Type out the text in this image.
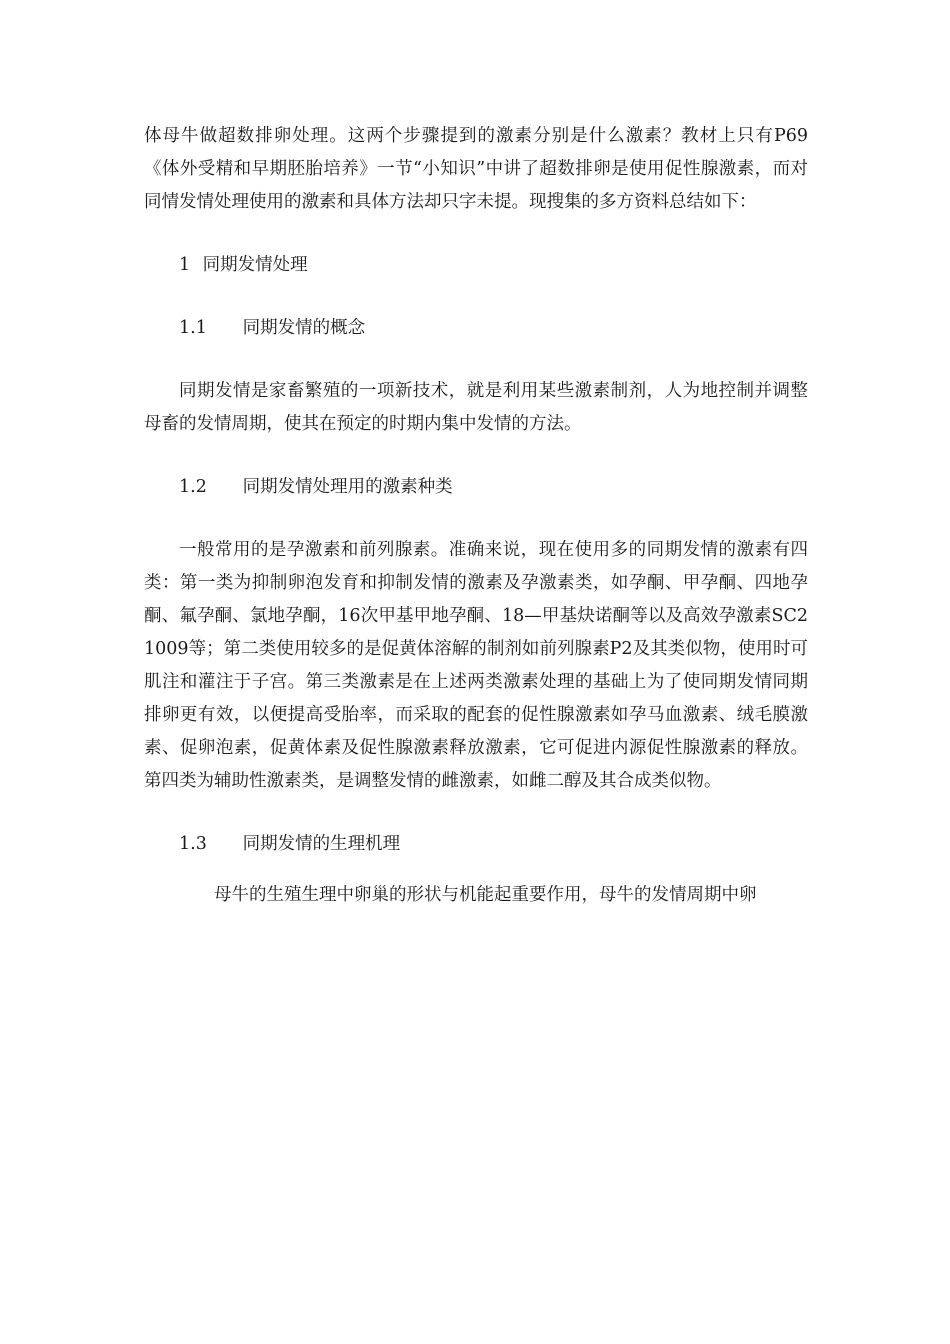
体母牛做超数排卵处理。这两个步骤提到的激素分别是什么激素？教材上只有P69《体外受精和早期胚胎培养》一节“小知识”中讲了超数排卵是使用促性腺激素，而对同情发情处理使用的激素和具体方法却只字未提。现搜集的多方资料总结如下：

1 同期发情处理
1.1 同期发情的概念

同期发情是家畜繁殖的一项新技术，就是利用某些激素制剂，人为地控制并调整母畜的发情周期，使其在预定的时期内集中发情的方法。

1.2 同期发情处理用的激素种类

一般常用的是孕激素和前列腺素。准确来说，现在使用多的同期发情的激素有四类：第一类为抑制卵泡发育和抑制发情的激素及孕激素类，如孕酮、甲孕酮、四地孕酮、氟孕酮、氯地孕酮，16次甲基甲地孕酮、18—甲基炔诺酮等以及高效孕激素SC21009等；第二类使用较多的是促黄体溶解的制剂如前列腺素P2及其类似物，使用时可肌注和灌注于子宫。第三类激素是在上述两类激素处理的基础上为了使同期发情同期排卵更有效，以便提高受胎率，而采取的配套的促性腺激素如孕马血激素、绒毛膜激素、促卵泡素，促黄体素及促性腺激素释放激素，它可促进内源促性腺激素的释放。第四类为辅助性激素类，是调整发情的雌激素，如雌二醇及其合成类似物。

1.3 同期发情的生理机理

母牛的生殖生理中卵巢的形状与机能起重要作用，母牛的发情周期中卵
